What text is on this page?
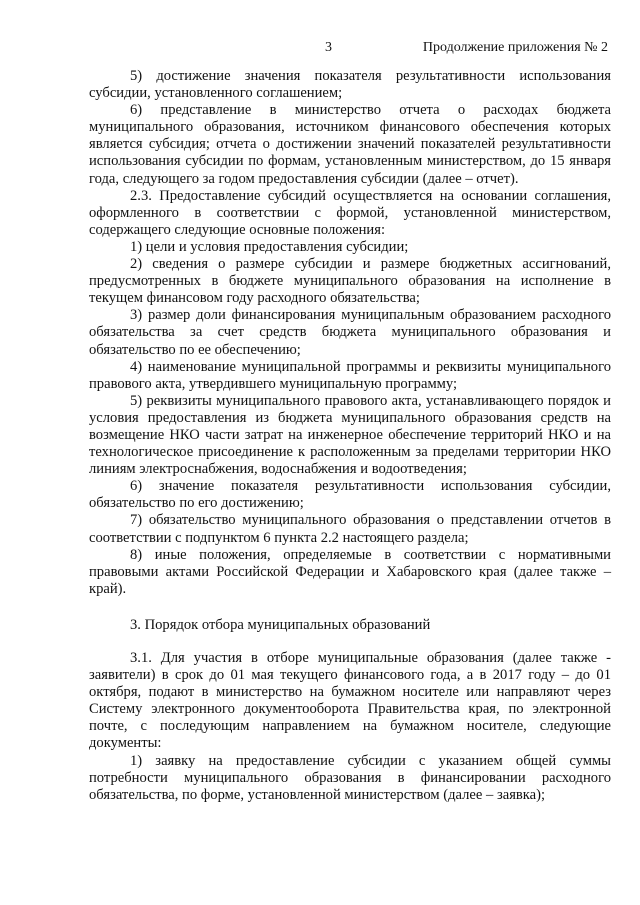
3	Продолжение приложения № 2

5) достижение значения показателя результативности использования субсидии, установленного соглашением;

6) представление в министерство отчета о расходах бюджета муниципального образования, источником финансового обеспечения которых является субсидия; отчета о достижении значений показателей результативности использования субсидии по формам, установленным министерством, до 15 января года, следующего за годом предоставления субсидии (далее – отчет).

2.3. Предоставление субсидий осуществляется на основании соглашения, оформленного в соответствии с формой, установленной министерством, содержащего следующие основные положения:

1) цели и условия предоставления субсидии;

2) сведения о размере субсидии и размере бюджетных ассигнований, предусмотренных в бюджете муниципального образования на исполнение в текущем финансовом году расходного обязательства;

3) размер доли финансирования муниципальным образованием расходного обязательства за счет средств бюджета муниципального образования и обязательство по ее обеспечению;

4) наименование муниципальной программы и реквизиты муниципального правового акта, утвердившего муниципальную программу;

5) реквизиты муниципального правового акта, устанавливающего порядок и условия предоставления из бюджета муниципального образования средств на возмещение НКО части затрат на инженерное обеспечение территорий НКО и на технологическое присоединение к расположенным за пределами территории НКО линиям электроснабжения, водоснабжения и водоотведения;

6) значение показателя результативности использования субсидии, обязательство по его достижению;

7) обязательство муниципального образования о представлении отчетов в соответствии с подпунктом 6 пункта 2.2 настоящего раздела;

8) иные положения, определяемые в соответствии с нормативными правовыми актами Российской Федерации и Хабаровского края (далее также – край).

3. Порядок отбора муниципальных образований

3.1. Для участия в отборе муниципальные образования (далее также - заявители) в срок до 01 мая текущего финансового года, а в 2017 году – до 01 октября, подают в министерство на бумажном носителе или направляют через Систему электронного документооборота Правительства края, по электронной почте, с последующим направлением на бумажном носителе, следующие документы:

1) заявку на предоставление субсидии с указанием общей суммы потребности муниципального образования в финансировании расходного обязательства, по форме, установленной министерством (далее – заявка);
